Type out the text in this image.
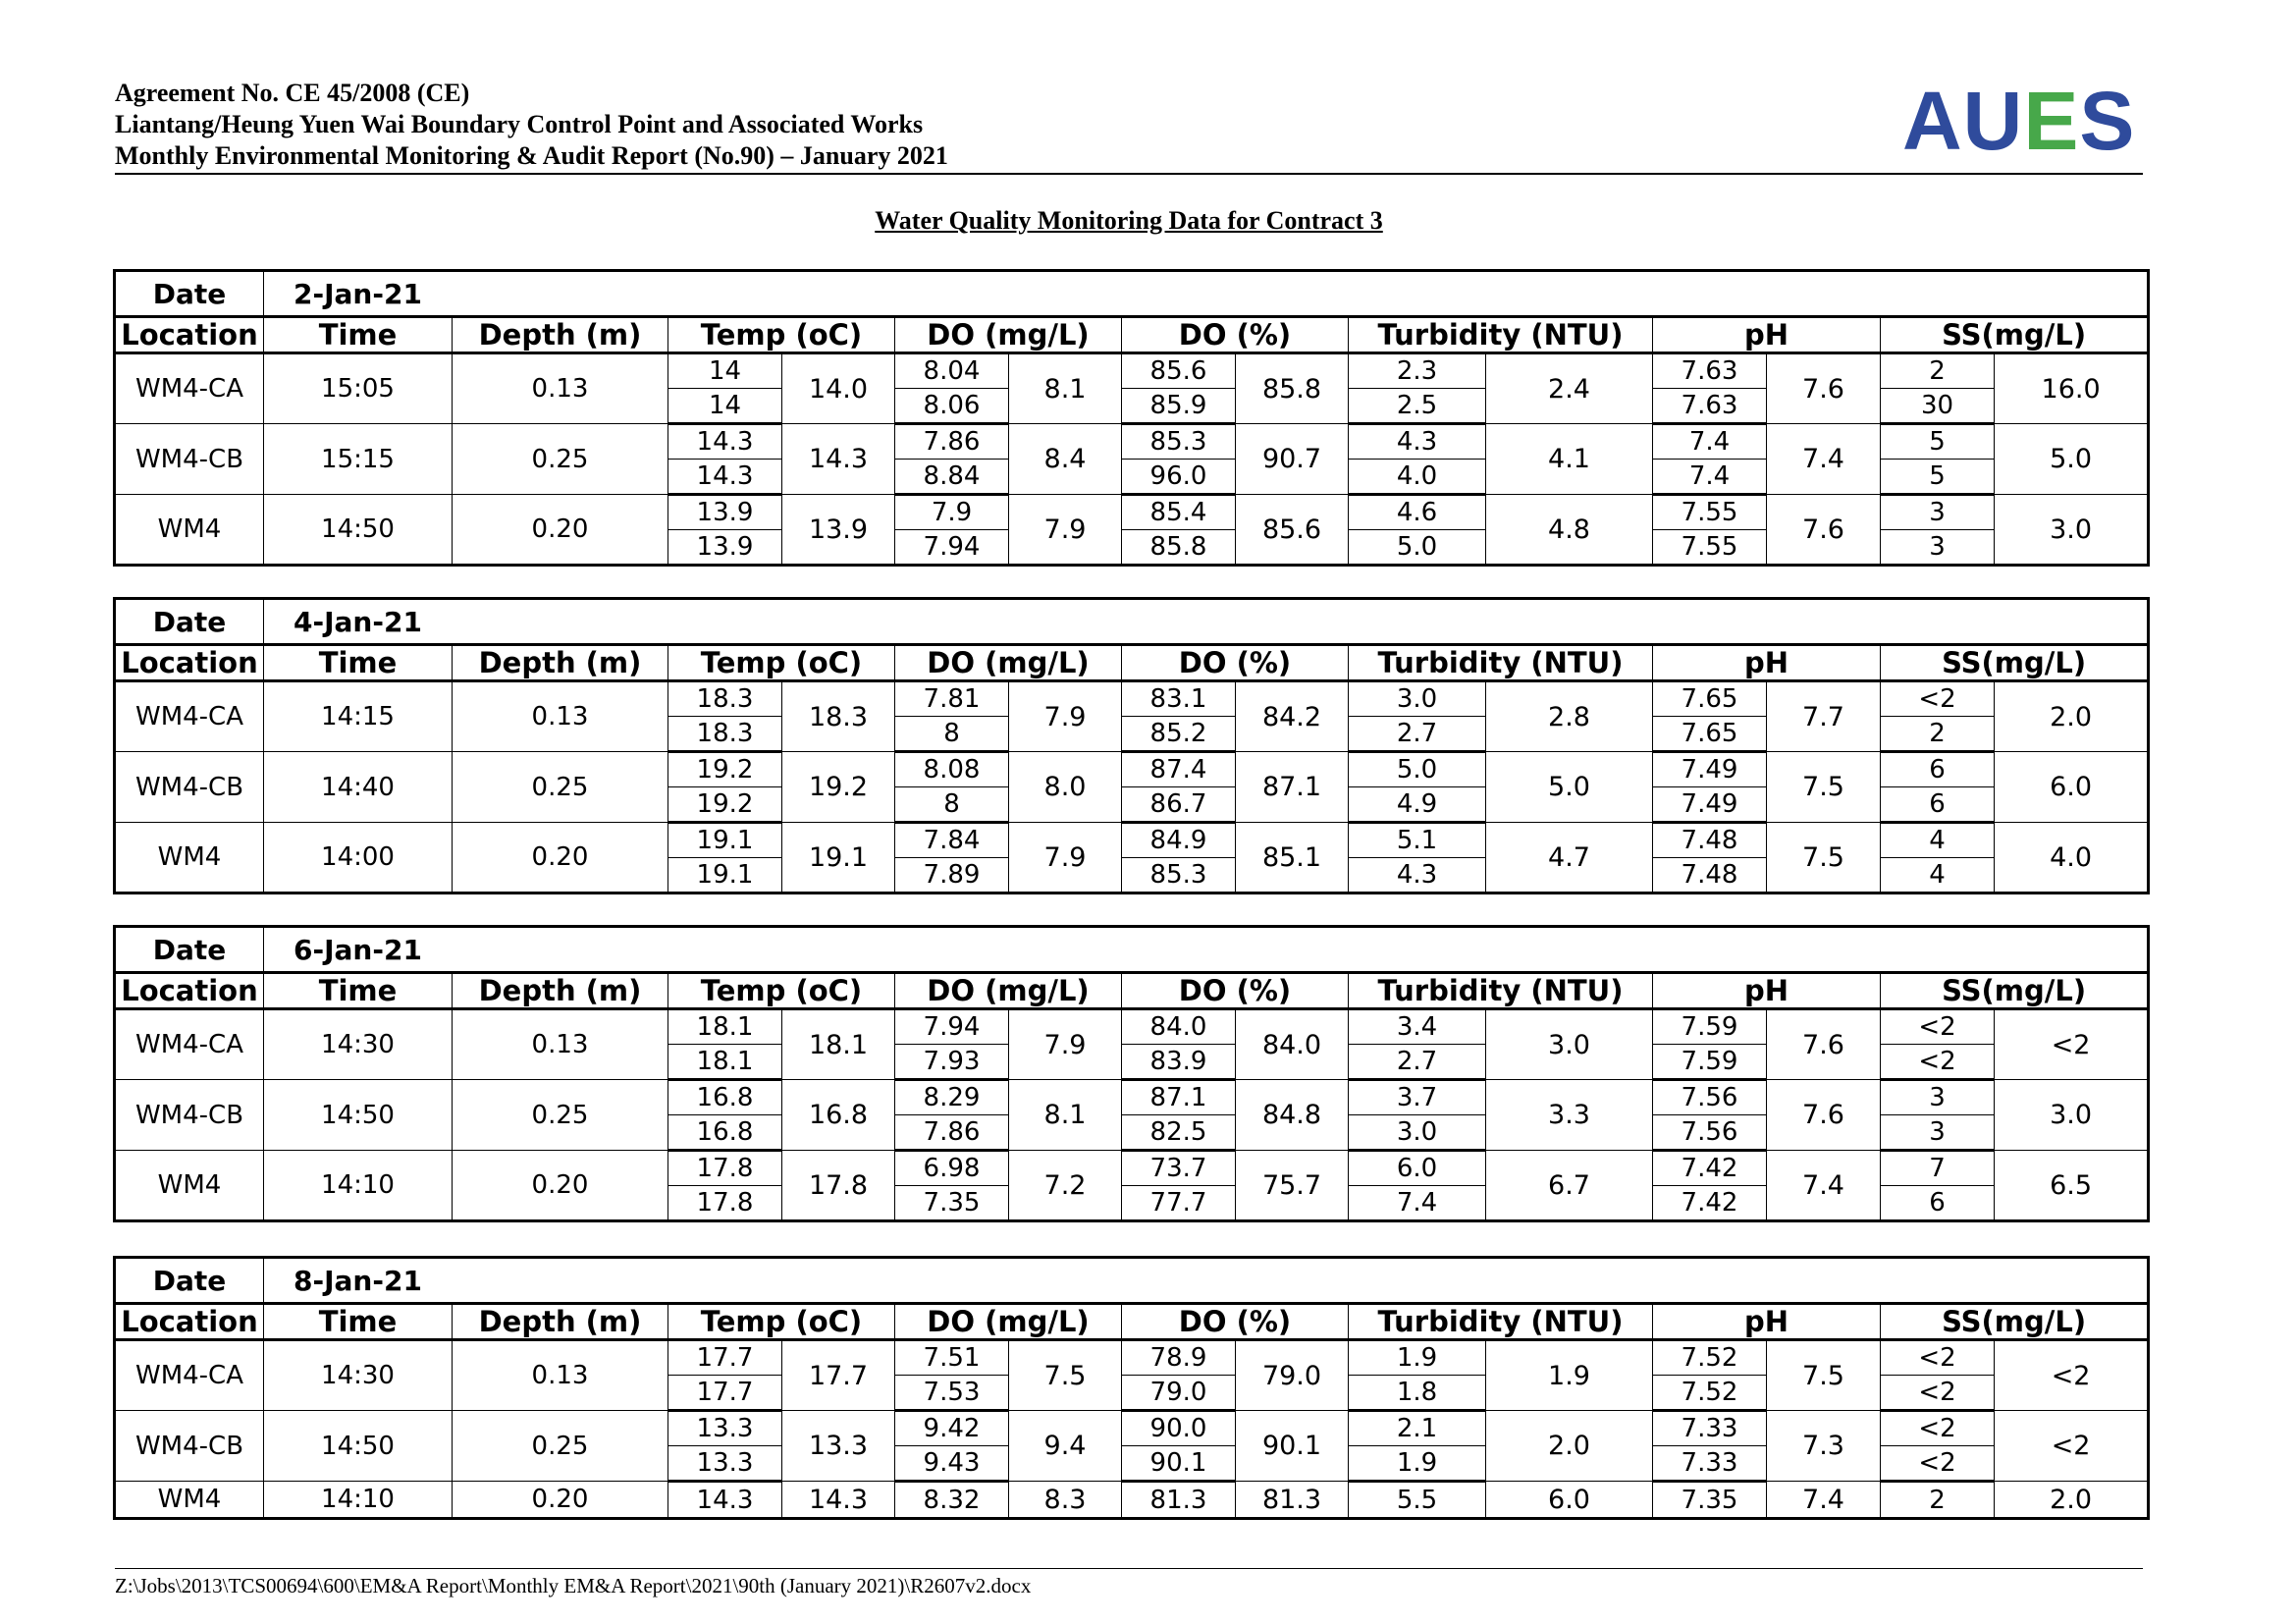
Agreement No. CE 45/2008 (CE)
Liantang/Heung Yuen Wai Boundary Control Point and Associated Works
Monthly Environmental Monitoring & Audit Report (No.90) – January 2021	AUES
Water Quality Monitoring Data for Contract 3
Date	2-Jan-21													
Location	Time	Depth (m)	Temp (oC)		DO (mg/L)		DO (%)		Turbidity (NTU)		pH		SS(mg/L)	
WM4-CA	15:05	0.13	14	14.0	8.04	8.1	85.6	85.8	2.3	2.4	7.63	7.6	2	16.0
			14		8.06		85.9		2.5		7.63		30	
WM4-CB	15:15	0.25	14.3	14.3	7.86	8.4	85.3	90.7	4.3	4.1	7.4	7.4	5	5.0
			14.3		8.84		96.0		4.0		7.4		5	
WM4	14:50	0.20	13.9	13.9	7.9	7.9	85.4	85.6	4.6	4.8	7.55	7.6	3	3.0
			13.9		7.94		85.8		5.0		7.55		3	
Date	4-Jan-21													
Location	Time	Depth (m)	Temp (oC)		DO (mg/L)		DO (%)		Turbidity (NTU)		pH		SS(mg/L)	
WM4-CA	14:15	0.13	18.3	18.3	7.81	7.9	83.1	84.2	3.0	2.8	7.65	7.7	<2	2.0
			18.3		8		85.2		2.7		7.65		2	
WM4-CB	14:40	0.25	19.2	19.2	8.08	8.0	87.4	87.1	5.0	5.0	7.49	7.5	6	6.0
			19.2		8		86.7		4.9		7.49		6	
WM4	14:00	0.20	19.1	19.1	7.84	7.9	84.9	85.1	5.1	4.7	7.48	7.5	4	4.0
			19.1		7.89		85.3		4.3		7.48		4	
Date	6-Jan-21													
Location	Time	Depth (m)	Temp (oC)		DO (mg/L)		DO (%)		Turbidity (NTU)		pH		SS(mg/L)	
WM4-CA	14:30	0.13	18.1	18.1	7.94	7.9	84.0	84.0	3.4	3.0	7.59	7.6	<2	<2
			18.1		7.93		83.9		2.7		7.59		<2	
WM4-CB	14:50	0.25	16.8	16.8	8.29	8.1	87.1	84.8	3.7	3.3	7.56	7.6	3	3.0
			16.8		7.86		82.5		3.0		7.56		3	
WM4	14:10	0.20	17.8	17.8	6.98	7.2	73.7	75.7	6.0	6.7	7.42	7.4	7	6.5
			17.8		7.35		77.7		7.4		7.42		6	
Date	8-Jan-21													
Location	Time	Depth (m)	Temp (oC)		DO (mg/L)		DO (%)		Turbidity (NTU)		pH		SS(mg/L)	
WM4-CA	14:30	0.13	17.7	17.7	7.51	7.5	78.9	79.0	1.9	1.9	7.52	7.5	<2	<2
			17.7		7.53		79.0		1.8		7.52		<2	
WM4-CB	14:50	0.25	13.3	13.3	9.42	9.4	90.0	90.1	2.1	2.0	7.33	7.3	<2	<2
			13.3		9.43		90.1		1.9		7.33		<2	
WM4	14:10	0.20	14.3	14.3	8.32	8.3	81.3	81.3	5.5	6.0	7.35	7.4	2	2.0
Z:\Jobs\2013\TCS00694\600\EM&A Report\Monthly EM&A Report\2021\90th (January 2021)\R2607v2.docx
